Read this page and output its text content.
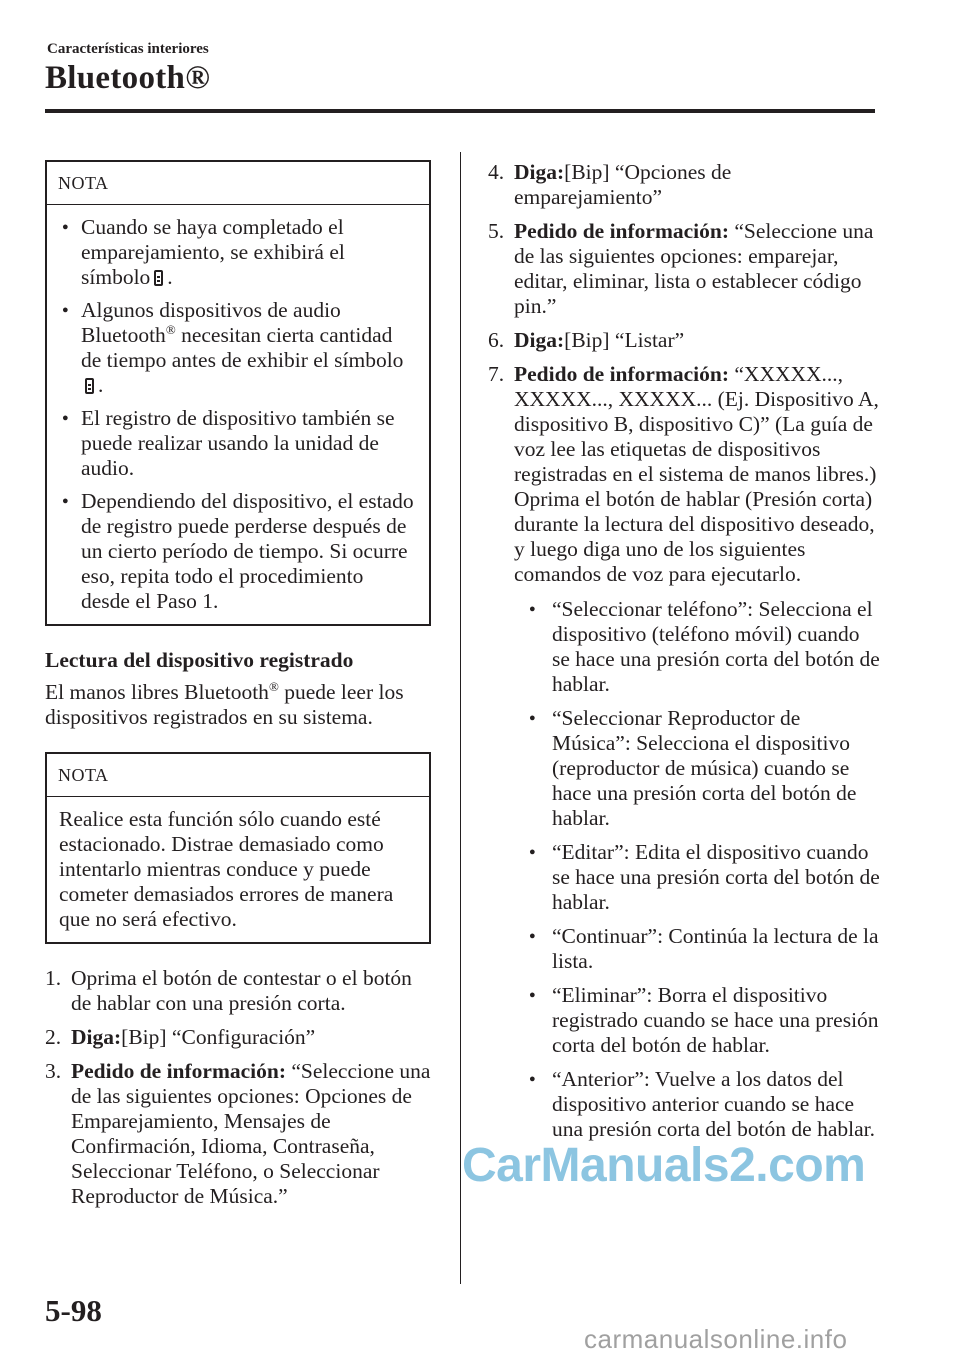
Características interiores
Bluetooth®
NOTA
● Cuando se haya completado el emparejamiento, se exhibirá el símbolo .
● Algunos dispositivos de audio Bluetooth® necesitan cierta cantidad de tiempo antes de exhibir el símbolo
.
● El registro de dispositivo también se puede realizar usando la unidad de audio.
● Dependiendo del dispositivo, el estado de registro puede perderse después de un cierto período de tiempo. Si ocurre eso, repita todo el procedimiento desde el Paso 1.
Lectura del dispositivo registrado
El manos libres Bluetooth® puede leer los dispositivos registrados en su sistema.
NOTA
Realice esta función sólo cuando esté estacionado. Distrae demasiado como intentarlo mientras conduce y puede cometer demasiados errores de manera que no será efectivo.
1. Oprima el botón de contestar o el botón de hablar con una presión corta.
2. Diga:[Bip] “Configuración”
3. Pedido de información: “Seleccione una de las siguientes opciones: Opciones de Emparejamiento, Mensajes de Confirmación, Idioma, Contraseña, Seleccionar Teléfono, o Seleccionar Reproductor de Música.”
4. Diga:[Bip] “Opciones de emparejamiento”
5. Pedido de información: “Seleccione una de las siguientes opciones: emparejar, editar, eliminar, lista o establecer código pin.”
6. Diga:[Bip] “Listar”
7. Pedido de información: “XXXXX..., XXXXX..., XXXXX... (Ej. Dispositivo A, dispositivo B, dispositivo C)” (La guía de voz lee las etiquetas de dispositivos registradas en el sistema de manos libres.)
Oprima el botón de hablar (Presión corta) durante la lectura del dispositivo deseado, y luego diga uno de los siguientes comandos de voz para ejecutarlo.
● “Seleccionar teléfono”: Selecciona el dispositivo (teléfono móvil) cuando se hace una presión corta del botón de hablar.
● “Seleccionar Reproductor de Música”: Selecciona el dispositivo (reproductor de música) cuando se hace una presión corta del botón de hablar.
● “Editar”: Edita el dispositivo cuando se hace una presión corta del botón de hablar.
● “Continuar”: Continúa la lectura de la lista.
● “Eliminar”: Borra el dispositivo registrado cuando se hace una presión corta del botón de hablar.
● “Anterior”: Vuelve a los datos del dispositivo anterior cuando se hace una presión corta del botón de hablar.
5-98
CarManuals2.com
carmanualsonline.info
